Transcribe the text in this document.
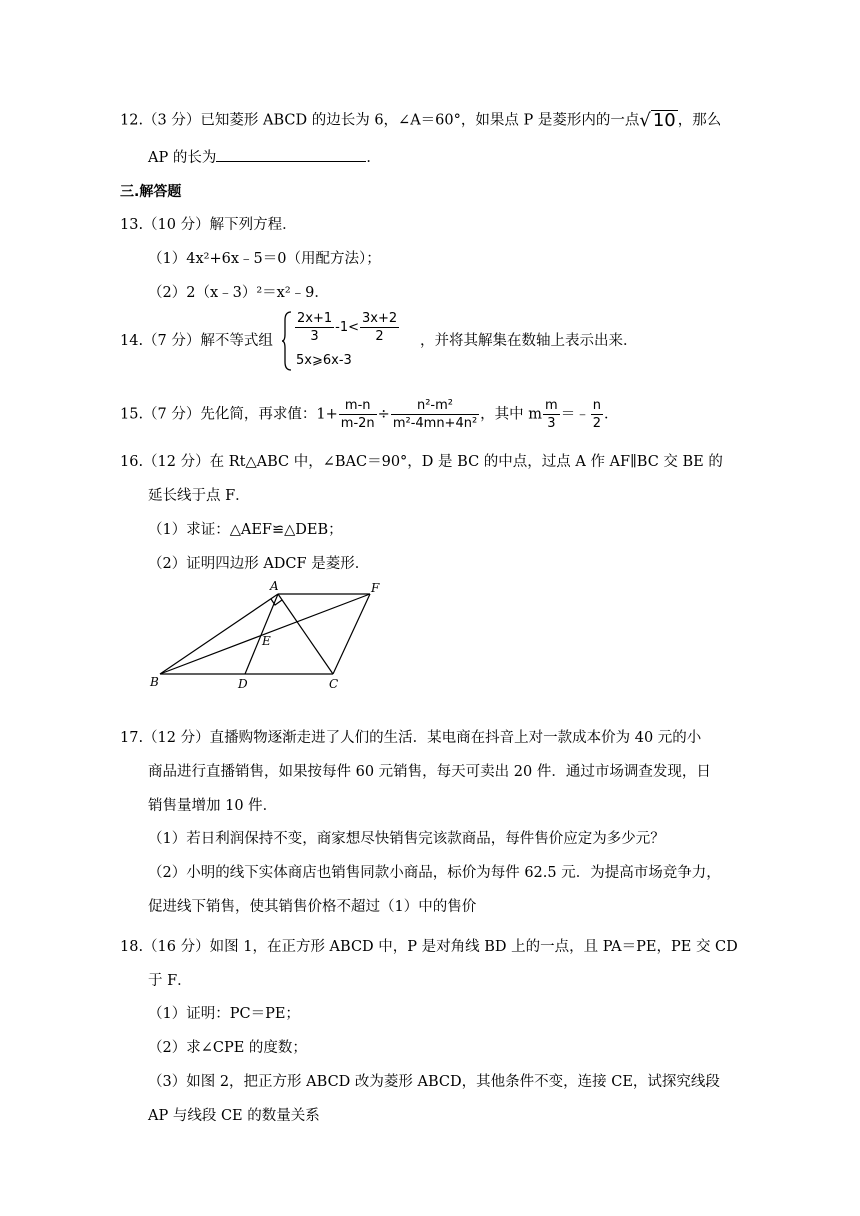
12.（3 分）已知菱形 ABCD 的边长为 6，∠A＝60°，如果点 P 是菱形内的一点√ 10 ，那么
AP 的长为	．
三.解答题
13.（10 分）解下列方程．
（1）4x²+6x﹣5＝0（用配方法）；
（2）2（x﹣3）²＝x²﹣9．
14.（7 分）解不等式组 $\frac{2x+1}{3} -1< \frac{3x+2}{2}$
5x⩾6x-3
，并将其解集在数轴上表示出来．
15.（7 分）先化简，再求值：$1+ \frac{m-n}{m-2n} \div \frac{\text{n²-m²}}{\text{m²-4mn+4n²}}$ ，其中 m $\frac{m}{3}$ ＝﹣ $\frac{n}{2}$ ．
16.（12 分）在 Rt△ABC 中，∠BAC＝90°，D 是 BC 的中点，过点 A 作 AF∥BC 交 BE 的
延长线于点 F．
（1）求证：△AEF≌△DEB；
（2）证明四边形 ADCF 是菱形．
A	F
E
B	D	C
17.（12 分）直播购物逐渐走进了人们的生活．某电商在抖音上对一款成本价为 40 元的小
商品进行直播销售，如果按每件 60 元销售，每天可卖出 20 件．通过市场调查发现，日
销售量增加 10 件．
（1）若日利润保持不变，商家想尽快销售完该款商品，每件售价应定为多少元？
（2）小明的线下实体商店也销售同款小商品，标价为每件 62.5 元．为提高市场竞争力，
促进线下销售，使其销售价格不超过（1）中的售价
18.（16 分）如图 1，在正方形 ABCD 中，P 是对角线 BD 上的一点，且 PA＝PE，PE 交 CD
于 F．
（1）证明：PC＝PE；
（2）求∠CPE 的度数；
（3）如图 2，把正方形 ABCD 改为菱形 ABCD，其他条件不变，连接 CE，试探究线段
AP 与线段 CE 的数量关系
